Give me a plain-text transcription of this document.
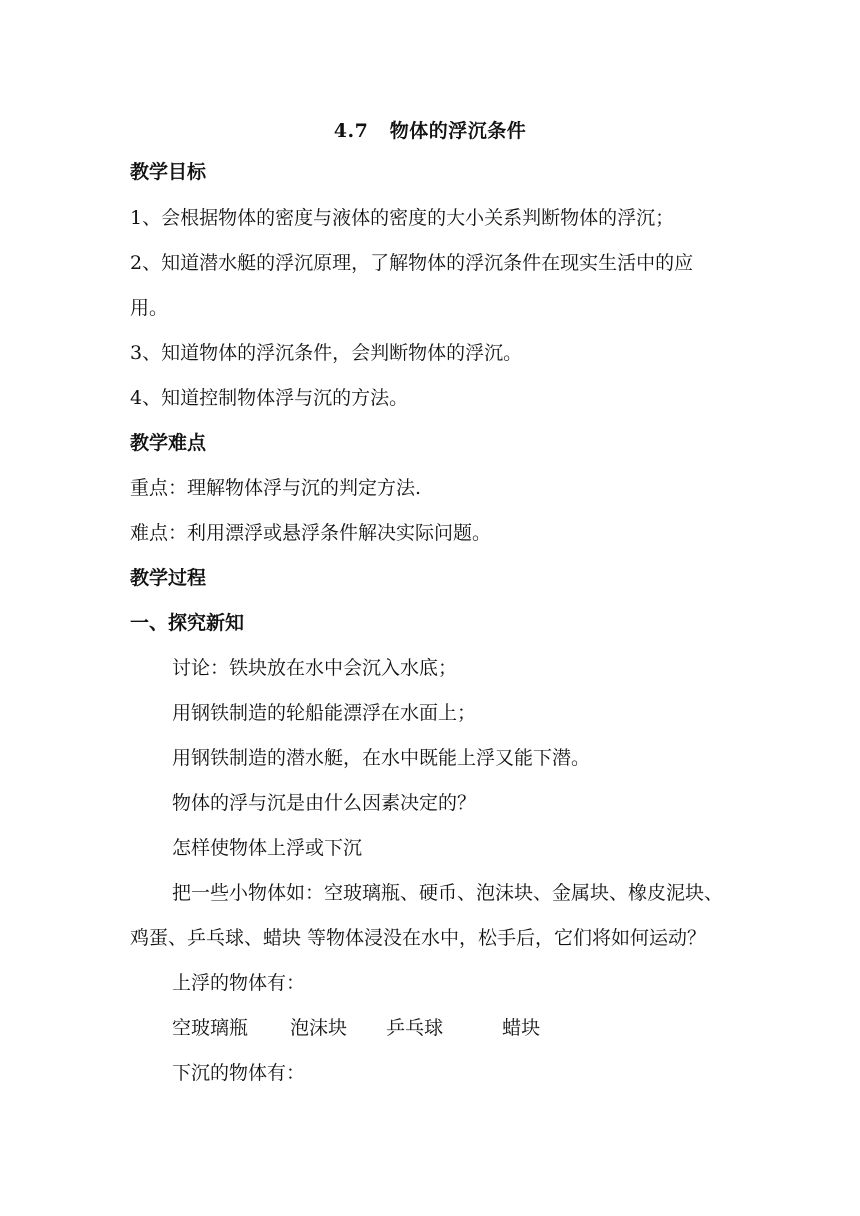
4.7   物体的浮沉条件
教学目标
1、会根据物体的密度与液体的密度的大小关系判断物体的浮沉；
2、知道潜水艇的浮沉原理，了解物体的浮沉条件在现实生活中的应
用。
3、知道物体的浮沉条件，会判断物体的浮沉。
4、知道控制物体浮与沉的方法。
教学难点
重点：理解物体浮与沉的判定方法.
难点：利用漂浮或悬浮条件解决实际问题。
教学过程
一、探究新知
讨论：铁块放在水中会沉入水底；
用钢铁制造的轮船能漂浮在水面上；
用钢铁制造的潜水艇，在水中既能上浮又能下潜。
物体的浮与沉是由什么因素决定的？
怎样使物体上浮或下沉
把一些小物体如：空玻璃瓶、硬币、泡沫块、金属块、橡皮泥块、
鸡蛋、乒乓球、蜡块 等物体浸没在水中，松手后，它们将如何运动？
上浮的物体有：
空玻璃瓶 泡沫块 乒乓球	蜡块
下沉的物体有：
